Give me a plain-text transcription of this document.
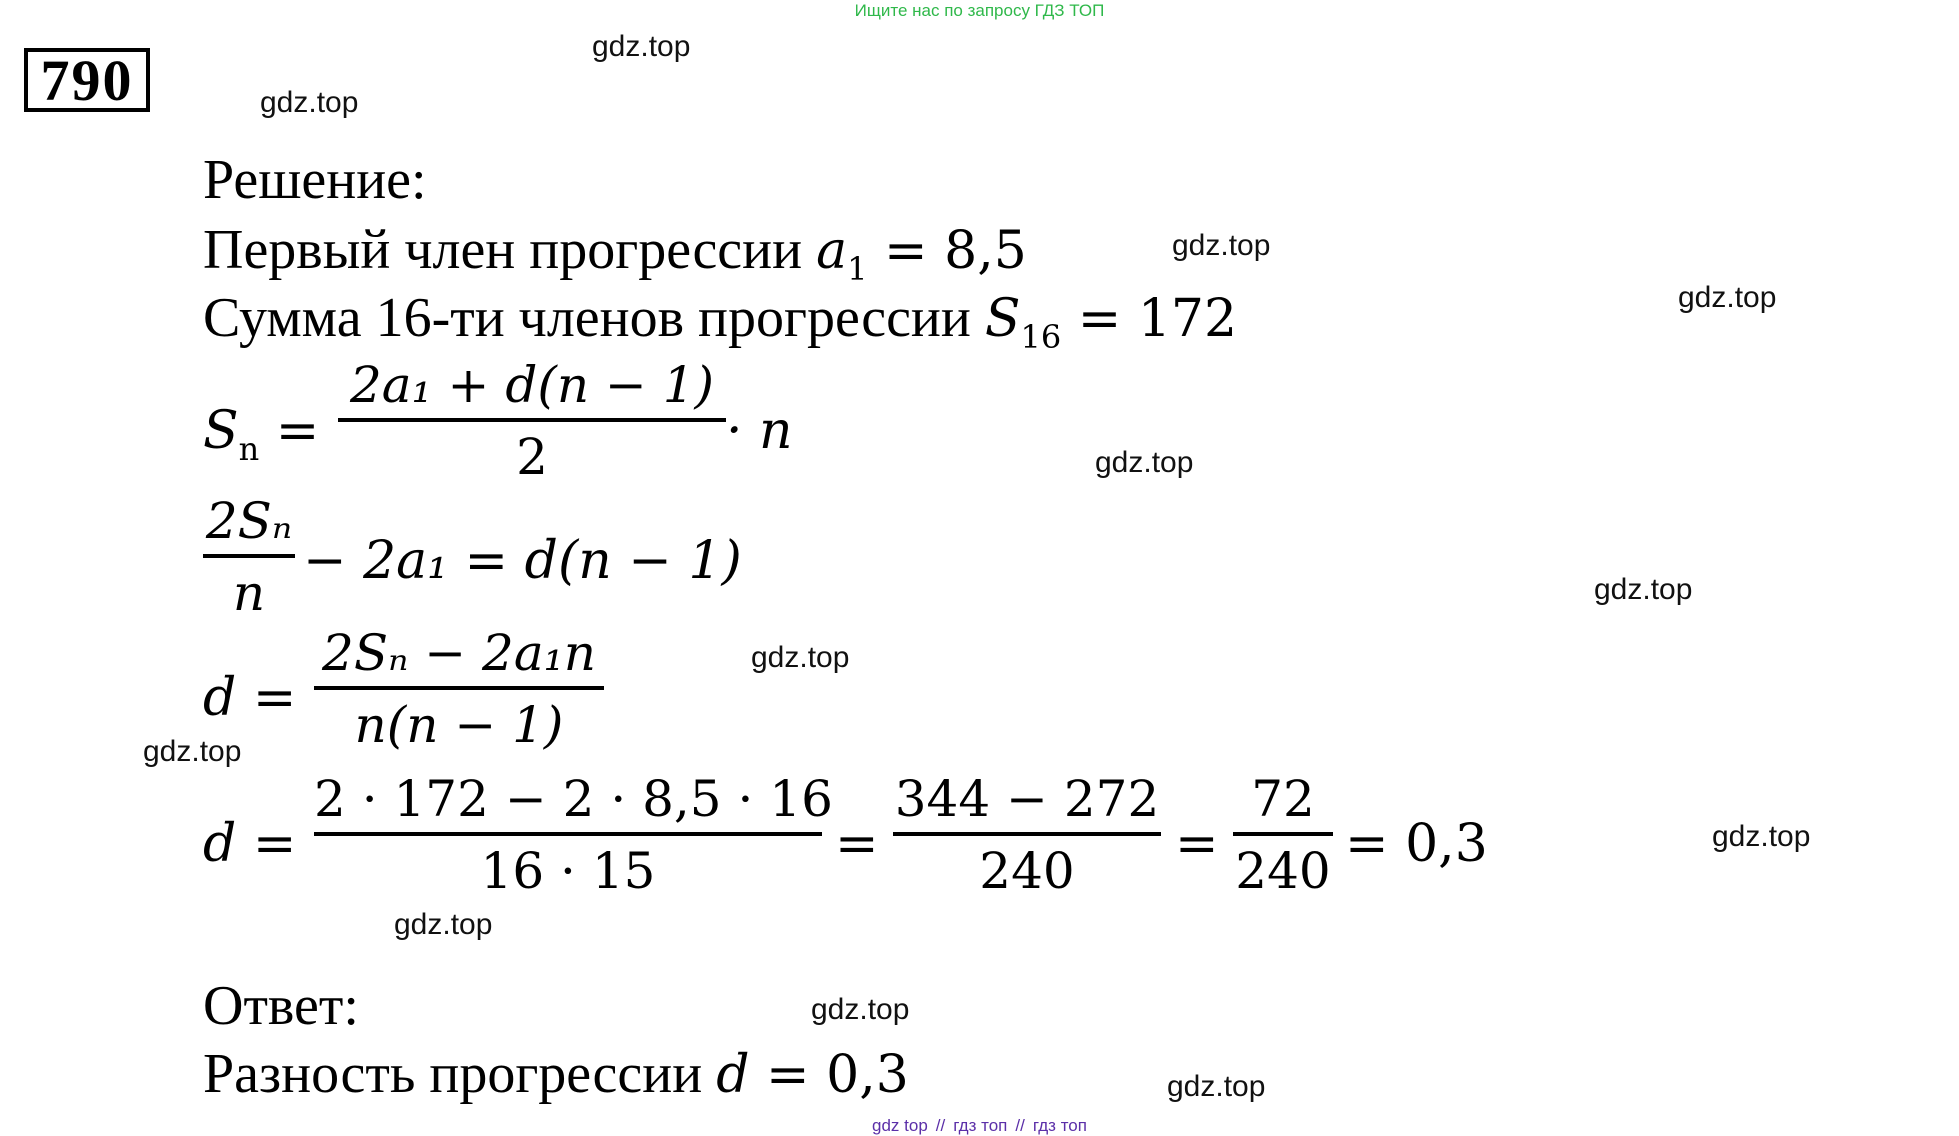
Ищите нас по запросу ГДЗ ТОП
790
gdz.top
gdz.top
gdz.top
gdz.top
gdz.top
gdz.top
gdz.top
gdz.top
gdz.top
gdz.top
gdz.top
gdz.top
Решение:
Первый член прогрессии $a_1 = 8,5$
Сумма 16-ти членов прогрессии $S_{16} = 172$
$S_n$ =
2a₁ + d(n − 1)
2	· n
2Sₙ
n
− 2a₁ = d(n − 1)
d =
2Sₙ − 2a₁n
n(n − 1)
d =
2 · 172 − 2 · 8,5 · 16
16 · 15	=
344 − 272
240	=
72
240 = 0,3
Ответ:
Разность прогрессии d = 0,3
gdz top // гдз топ // гдз топ
